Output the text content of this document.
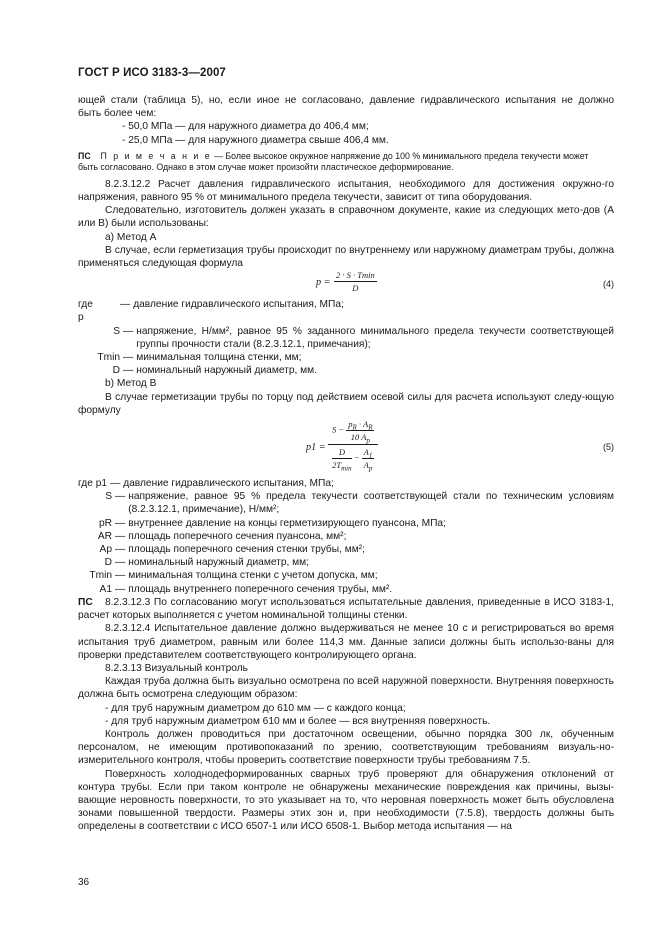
ГОСТ Р ИСО 3183-3—2007

ющей стали (таблица 5), но, если иное не согласовано, давление гидравлического испытания не должно

быть более чем:

- 50,0 МПа — для наружного диаметра до 406,4 мм;

- 25,0 МПа — для наружного диаметра свыше 406,4 мм.

ПС П р и м е ч а н и е — Более высокое окружное напряжение до 100 % минимального предела текучести может
быть согласовано. Однако в этом случае может произойти пластическое деформирование.

8.2.3.12.2 Расчет давления гидравлического испытания, необходимого для достижения окружно-го напряжения, равного 95 % от минимального предела текучести, зависит от типа оборудования.

Следовательно, изготовитель должен указать в справочном документе, какие из следующих мето-дов (А или В) были использованы:

а) Метод А

В случае, если герметизация трубы происходит по внутреннему или наружному диаметрам трубы, должна применяться следующая формула

p =
2 · S · Tmin
D	(4)
где p
— давление гидравлического испытания, МПа;
S — напряжение, Н/мм², равное 95 % заданного минимального предела текучести соответствующей группы прочности стали (8.2.3.12.1, примечания);
Tmin — минимальная толщина стенки, мм;
D — номинальный наружный диаметр, мм.

b) Метод В

В случае герметизации трубы по торцу под действием осевой силы для расчета используют следу-ющую формулу

p1 =
$S - \frac{p_R \cdot A_R}{10 A_p}$
$\frac{D}{2T_{min}} - \frac{A_1}{A_p}$	(5)
где p1 — давление гидравлического испытания, МПа;
S — напряжение, равное 95 % предела текучести соответствующей стали по техническим условиям (8.2.3.12.1, примечание), Н/мм²;
pR — внутреннее давление на концы герметизирующего пуансона, МПа;
AR — площадь поперечного сечения пуансона, мм²;
Ap — площадь поперечного сечения стенки трубы, мм²;
D — номинальный наружный диаметр, мм;
Tmin — минимальная толщина стенки с учетом допуска, мм;
A1 — площадь внутреннего поперечного сечения трубы, мм².
ПС	8.2.3.12.3 По согласованию могут использоваться испытательные давления, приведенные в ИСО 3183-1, расчет которых выполняется с учетом номинальной толщины стенки.

8.2.3.12.4 Испытательное давление должно выдерживаться не менее 10 с и регистрироваться во время испытания труб диаметром, равным или более 114,3 мм. Данные записи должны быть использо-ваны для проверки представителем соответствующего контролирующего органа.

8.2.3.13 Визуальный контроль

Каждая труба должна быть визуально осмотрена по всей наружной поверхности. Внутренняя поверхность должна быть осмотрена следующим образом:

- для труб наружным диаметром до 610 мм — с каждого конца;

- для труб наружным диаметром 610 мм и более — вся внутренняя поверхность.

Контроль должен проводиться при достаточном освещении, обычно порядка 300 лк, обученным персоналом, не имеющим противопоказаний по зрению, соответствующим требованиям визуаль-но-измерительного контроля, чтобы проверить соответствие поверхности трубы требованиям 7.5.

Поверхность холоднодеформированных сварных труб проверяют для обнаружения отклонений от контура трубы. Если при таком контроле не обнаружены механические повреждения как причины, вызы-вающие неровность поверхности, то это указывает на то, что неровная поверхность может быть обусловлена зонами повышенной твердости. Размеры этих зон и, при необходимости (7.5.8), твердость должны быть определены в соответствии с ИСО 6507-1 или ИСО 6508-1. Выбор метода испытания — на

36
